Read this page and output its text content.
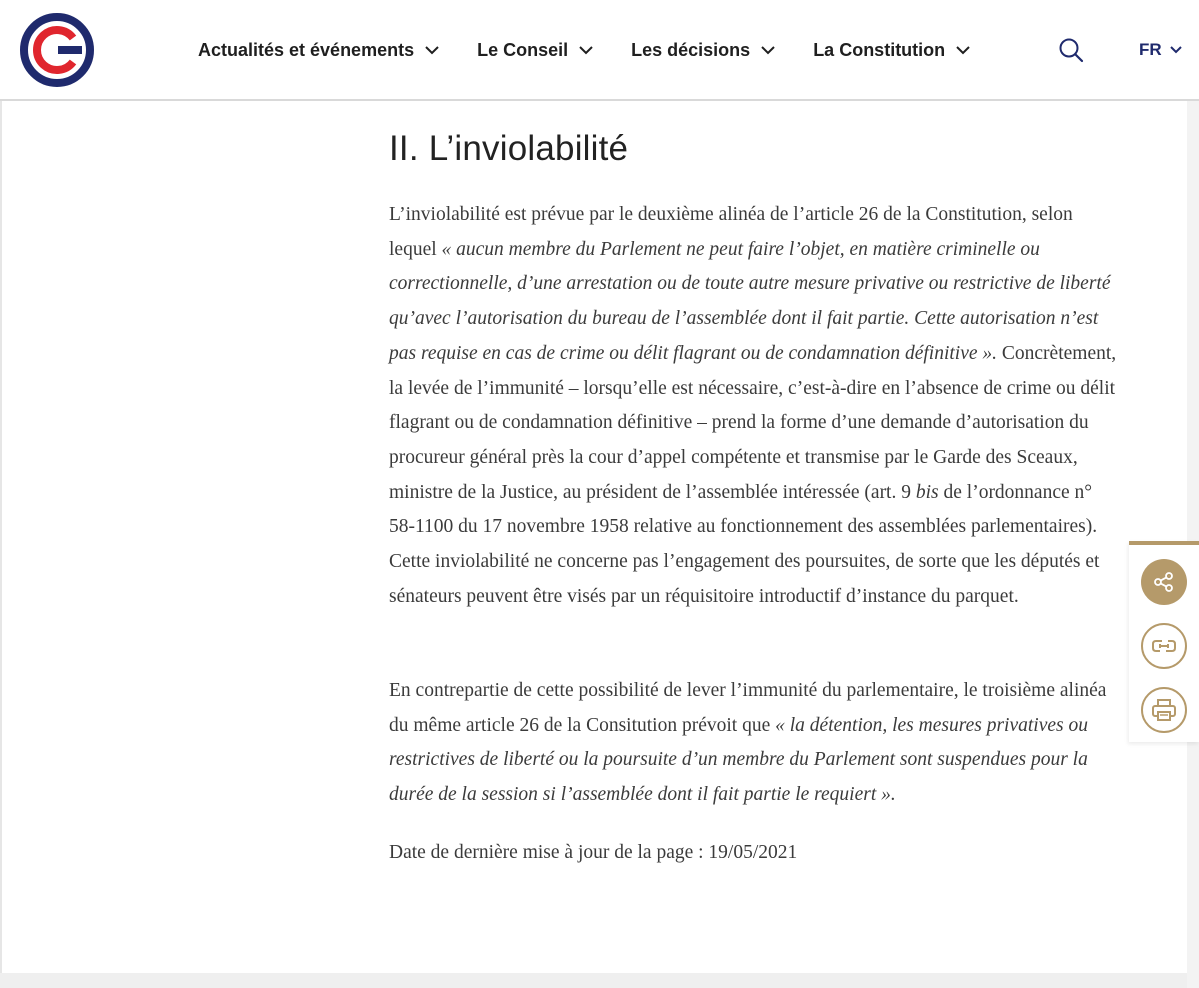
Actualités et événements	Le Conseil	Les décisions	La Constitution	FR
II. L’inviolabilité

L’inviolabilité est prévue par le deuxième alinéa de l’article 26 de la Constitution, selon lequel « aucun membre du Parlement ne peut faire l’objet, en matière criminelle ou correctionnelle, d’une arrestation ou de toute autre mesure privative ou restrictive de liberté qu’avec l’autorisation du bureau de l’assemblée dont il fait partie. Cette autorisation n’est pas requise en cas de crime ou délit flagrant ou de condamnation définitive ». Concrètement, la levée de l’immunité – lorsqu’elle est nécessaire, c’est-à-dire en l’absence de crime ou délit flagrant ou de condamnation définitive – prend la forme d’une demande d’autorisation du procureur général près la cour d’appel compétente et transmise par le Garde des Sceaux, ministre de la Justice, au président de l’assemblée intéressée (art. 9 bis de l’ordonnance n° 58-1100 du 17 novembre 1958 relative au fonctionnement des assemblées parlementaires). Cette inviolabilité ne concerne pas l’engagement des poursuites, de sorte que les députés et sénateurs peuvent être visés par un réquisitoire introductif d’instance du parquet.

En contrepartie de cette possibilité de lever l’immunité du parlementaire, le troisième alinéa du même article 26 de la Consitution prévoit que « la détention, les mesures privatives ou restrictives de liberté ou la poursuite d’un membre du Parlement sont suspendues pour la durée de la session si l’assemblée dont il fait partie le requiert ».

Date de dernière mise à jour de la page : 19/05/2021
